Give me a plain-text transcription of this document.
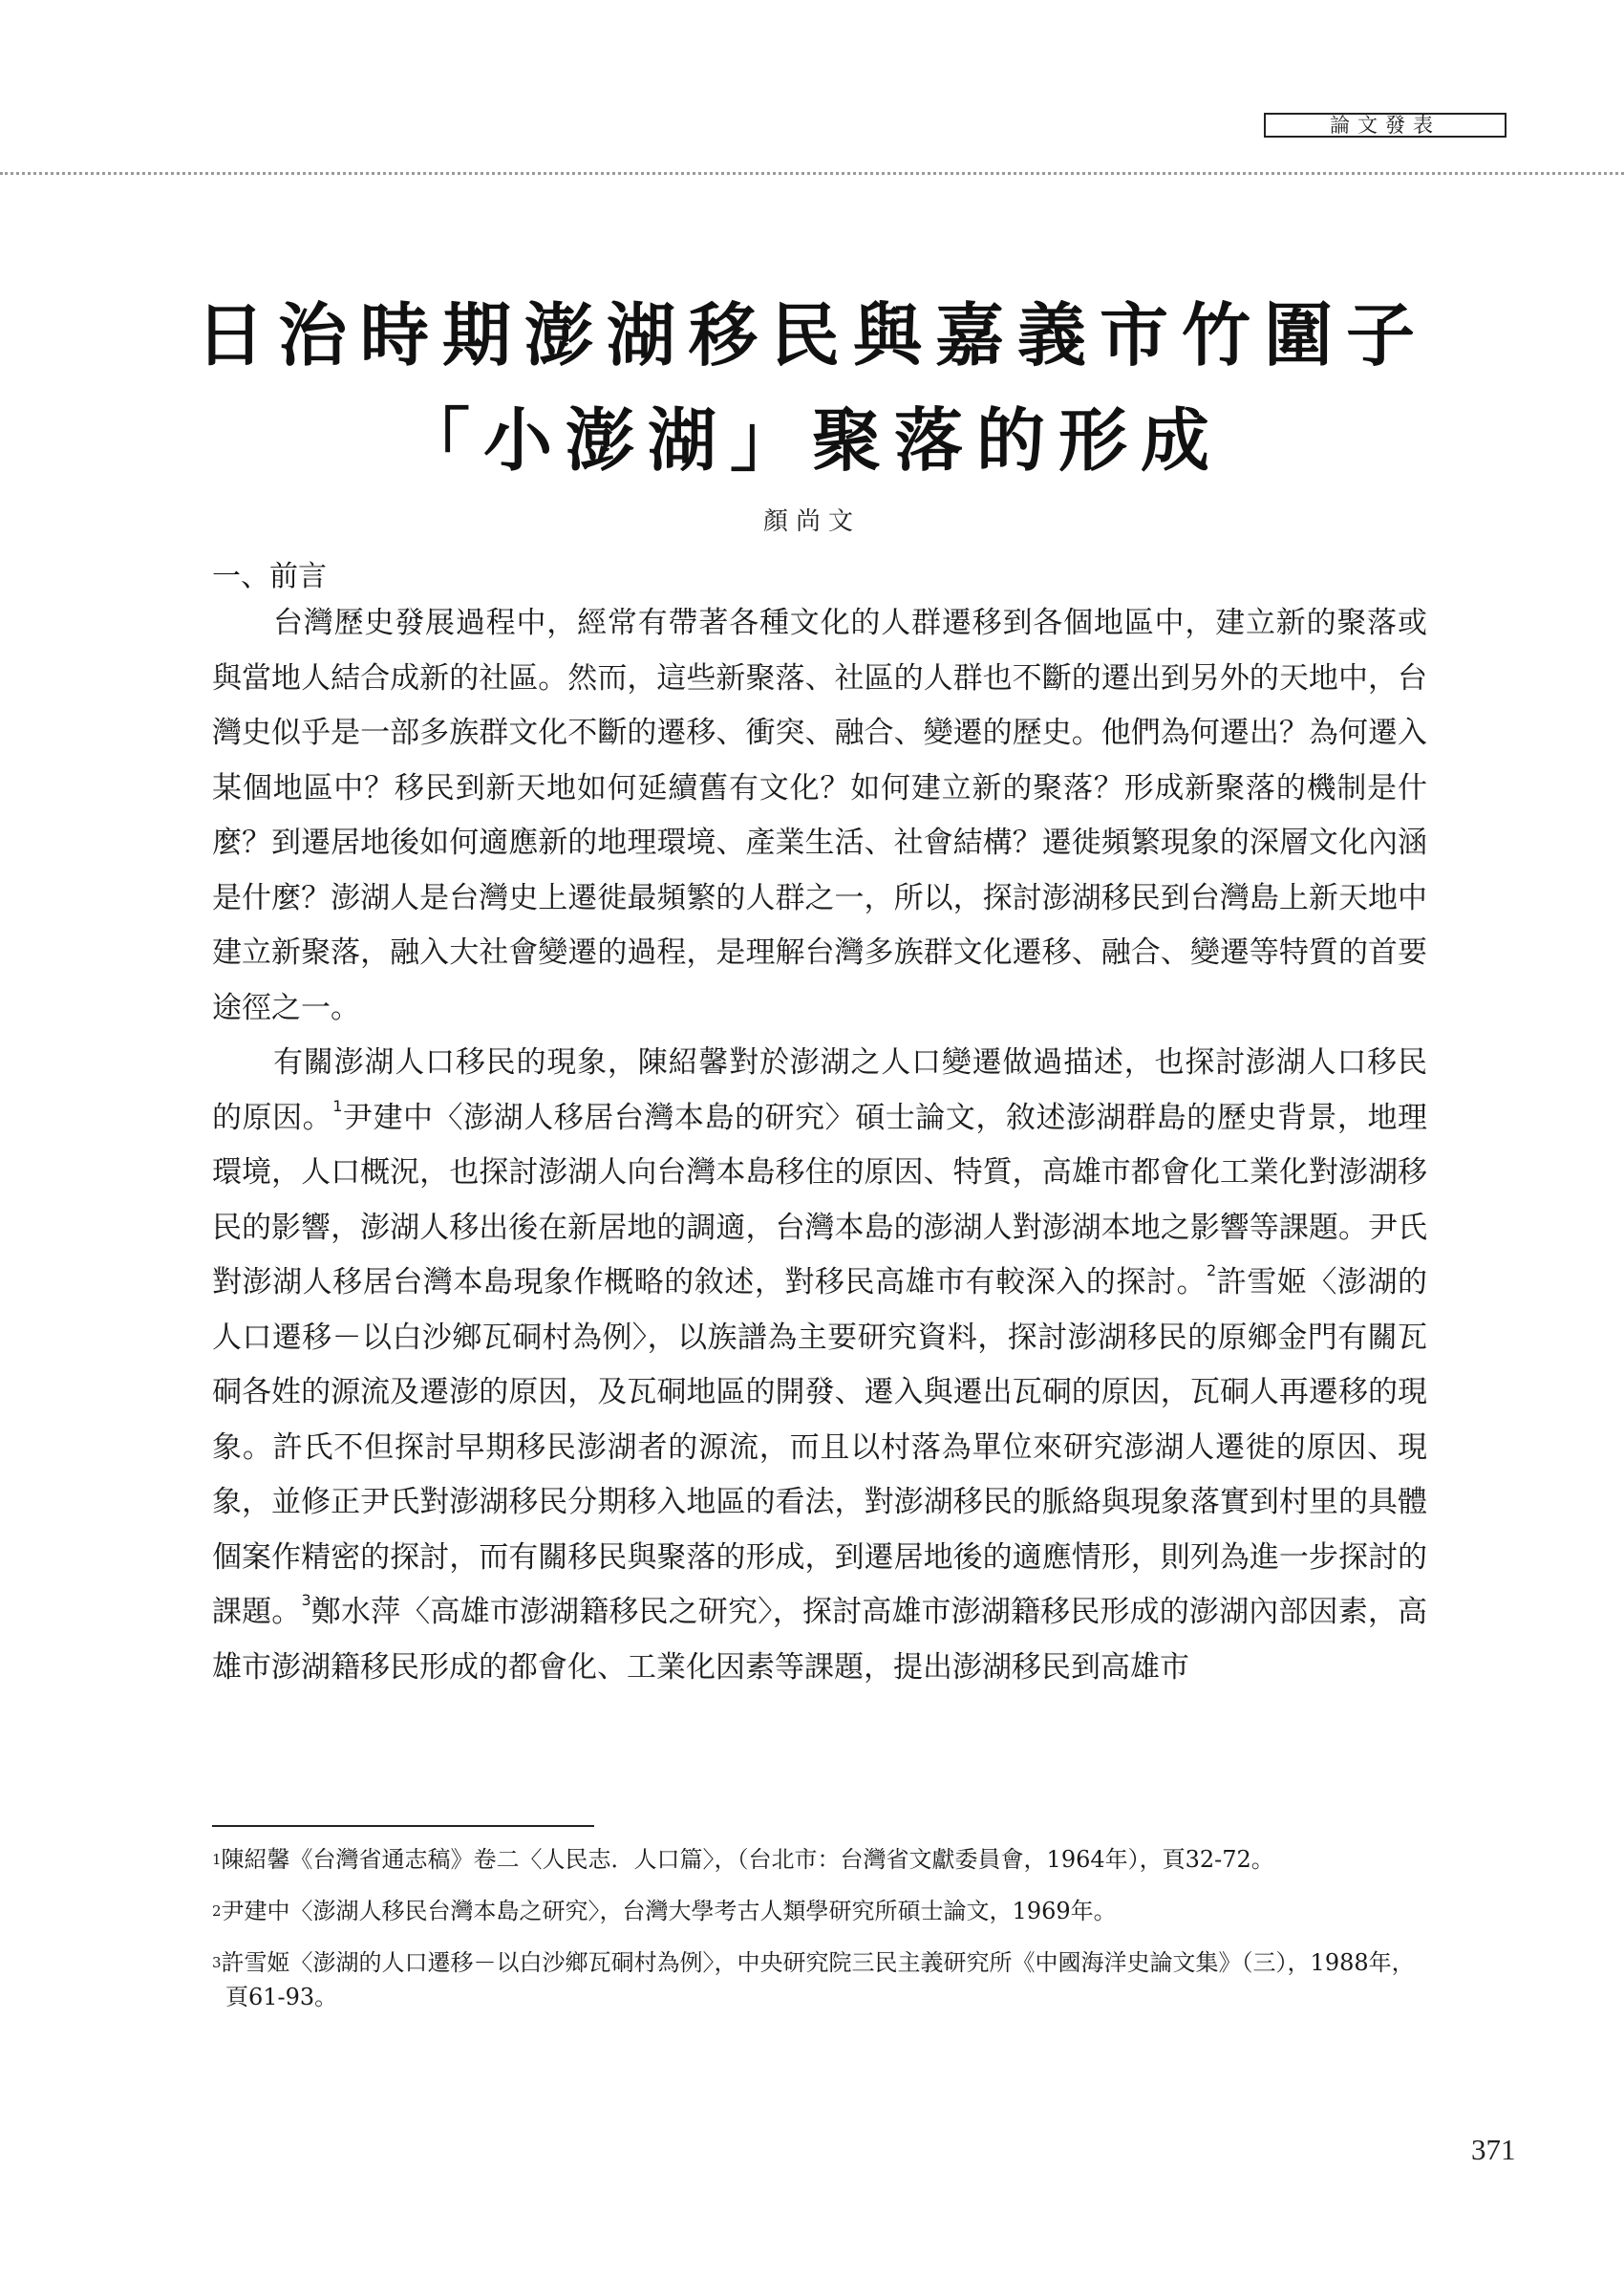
論文發表
日治時期澎湖移民與嘉義市竹圍子
「小澎湖」聚落的形成
顏尚文
一、前言

台灣歷史發展過程中，經常有帶著各種文化的人群遷移到各個地區中，建立新的聚落或與當地人結合成新的社區。然而，這些新聚落、社區的人群也不斷的遷出到另外的天地中，台灣史似乎是一部多族群文化不斷的遷移、衝突、融合、變遷的歷史。他們為何遷出？為何遷入某個地區中？移民到新天地如何延續舊有文化？如何建立新的聚落？形成新聚落的機制是什麼？到遷居地後如何適應新的地理環境、產業生活、社會結構？遷徙頻繁現象的深層文化內涵是什麼？澎湖人是台灣史上遷徙最頻繁的人群之一，所以，探討澎湖移民到台灣島上新天地中建立新聚落，融入大社會變遷的過程，是理解台灣多族群文化遷移、融合、變遷等特質的首要途徑之一。

有關澎湖人口移民的現象，陳紹馨對於澎湖之人口變遷做過描述，也探討澎湖人口移民的原因。$^1$尹建中〈澎湖人移居台灣本島的研究〉碩士論文，敘述澎湖群島的歷史背景，地理環境，人口概況，也探討澎湖人向台灣本島移住的原因、特質，高雄市都會化工業化對澎湖移民的影響，澎湖人移出後在新居地的調適，台灣本島的澎湖人對澎湖本地之影響等課題。尹氏對澎湖人移居台灣本島現象作概略的敘述，對移民高雄市有較深入的探討。$^2$許雪姬〈澎湖的人口遷移－以白沙鄉瓦硐村為例〉，以族譜為主要研究資料，探討澎湖移民的原鄉金門有關瓦硐各姓的源流及遷澎的原因，及瓦硐地區的開發、遷入與遷出瓦硐的原因，瓦硐人再遷移的現象。許氏不但探討早期移民澎湖者的源流，而且以村落為單位來研究澎湖人遷徙的原因、現象，並修正尹氏對澎湖移民分期移入地區的看法，對澎湖移民的脈絡與現象落實到村里的具體個案作精密的探討，而有關移民與聚落的形成，到遷居地後的適應情形，則列為進一步探討的課題。$^3$鄭水萍〈高雄市澎湖籍移民之研究〉，探討高雄市澎湖籍移民形成的澎湖內部因素，高雄市澎湖籍移民形成的都會化、工業化因素等課題，提出澎湖移民到高雄市

$^1$陳紹馨《台灣省通志稿》卷二〈人民志．人口篇〉，（台北市：台灣省文獻委員會，1964年），頁32-72。

$^2$尹建中〈澎湖人移民台灣本島之研究〉，台灣大學考古人類學研究所碩士論文，1969年。

$^3$許雪姬〈澎湖的人口遷移－以白沙鄉瓦硐村為例〉，中央研究院三民主義研究所《中國海洋史論文集》（三），1988年，頁61-93。

371
